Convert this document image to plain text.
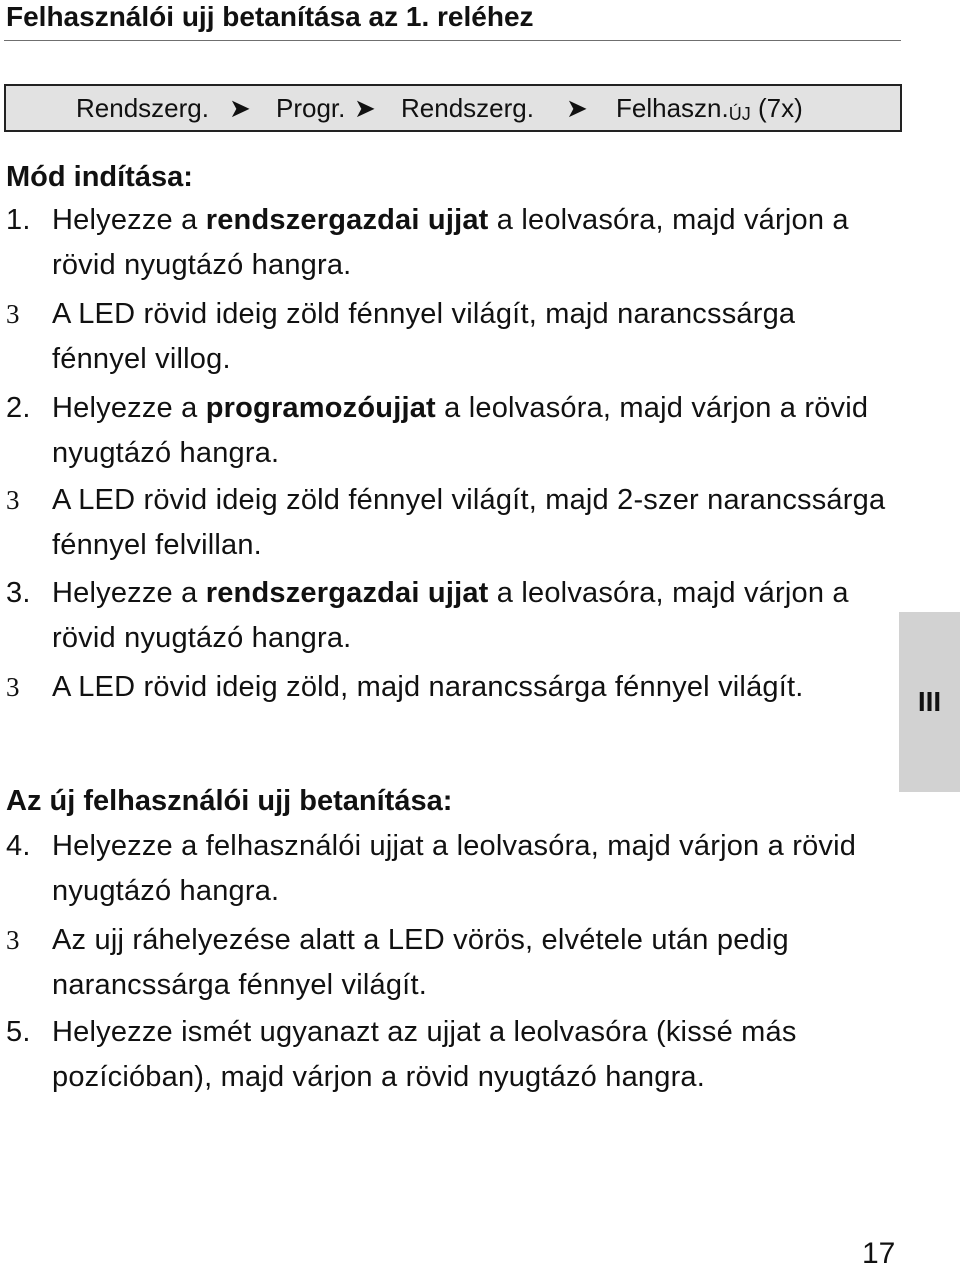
Felhasználói ujj betanítása az 1. reléhez
Rendszerg. ➤ Progr. ➤ Rendszerg. ➤ Felhaszn.ÚJ (7x)
Mód indítása:
1. Helyezze a rendszergazdai ujjat a leolvasóra, majd várjon a rövid nyugtázó hangra.
3	A LED rövid ideig zöld fénnyel világít, majd narancssárga fénnyel villog.
2. Helyezze a programozóujjat a leolvasóra, majd várjon a rövid nyugtázó hangra.
3	A LED rövid ideig zöld fénnyel világít, majd 2-szer narancssárga fénnyel felvillan.
3. Helyezze a rendszergazdai ujjat a leolvasóra, majd várjon a rövid nyugtázó hangra.
3	A LED rövid ideig zöld, majd narancssárga fénnyel világít.
Az új felhasználói ujj betanítása:
4. Helyezze a felhasználói ujjat a leolvasóra, majd várjon a rövid nyugtázó hangra.
3	Az ujj ráhelyezése alatt a LED vörös, elvétele után pedig narancssárga fénnyel világít.
5. Helyezze ismét ugyanazt az ujjat a leolvasóra (kissé más pozícióban), majd várjon a rövid nyugtázó hangra.
III
17
